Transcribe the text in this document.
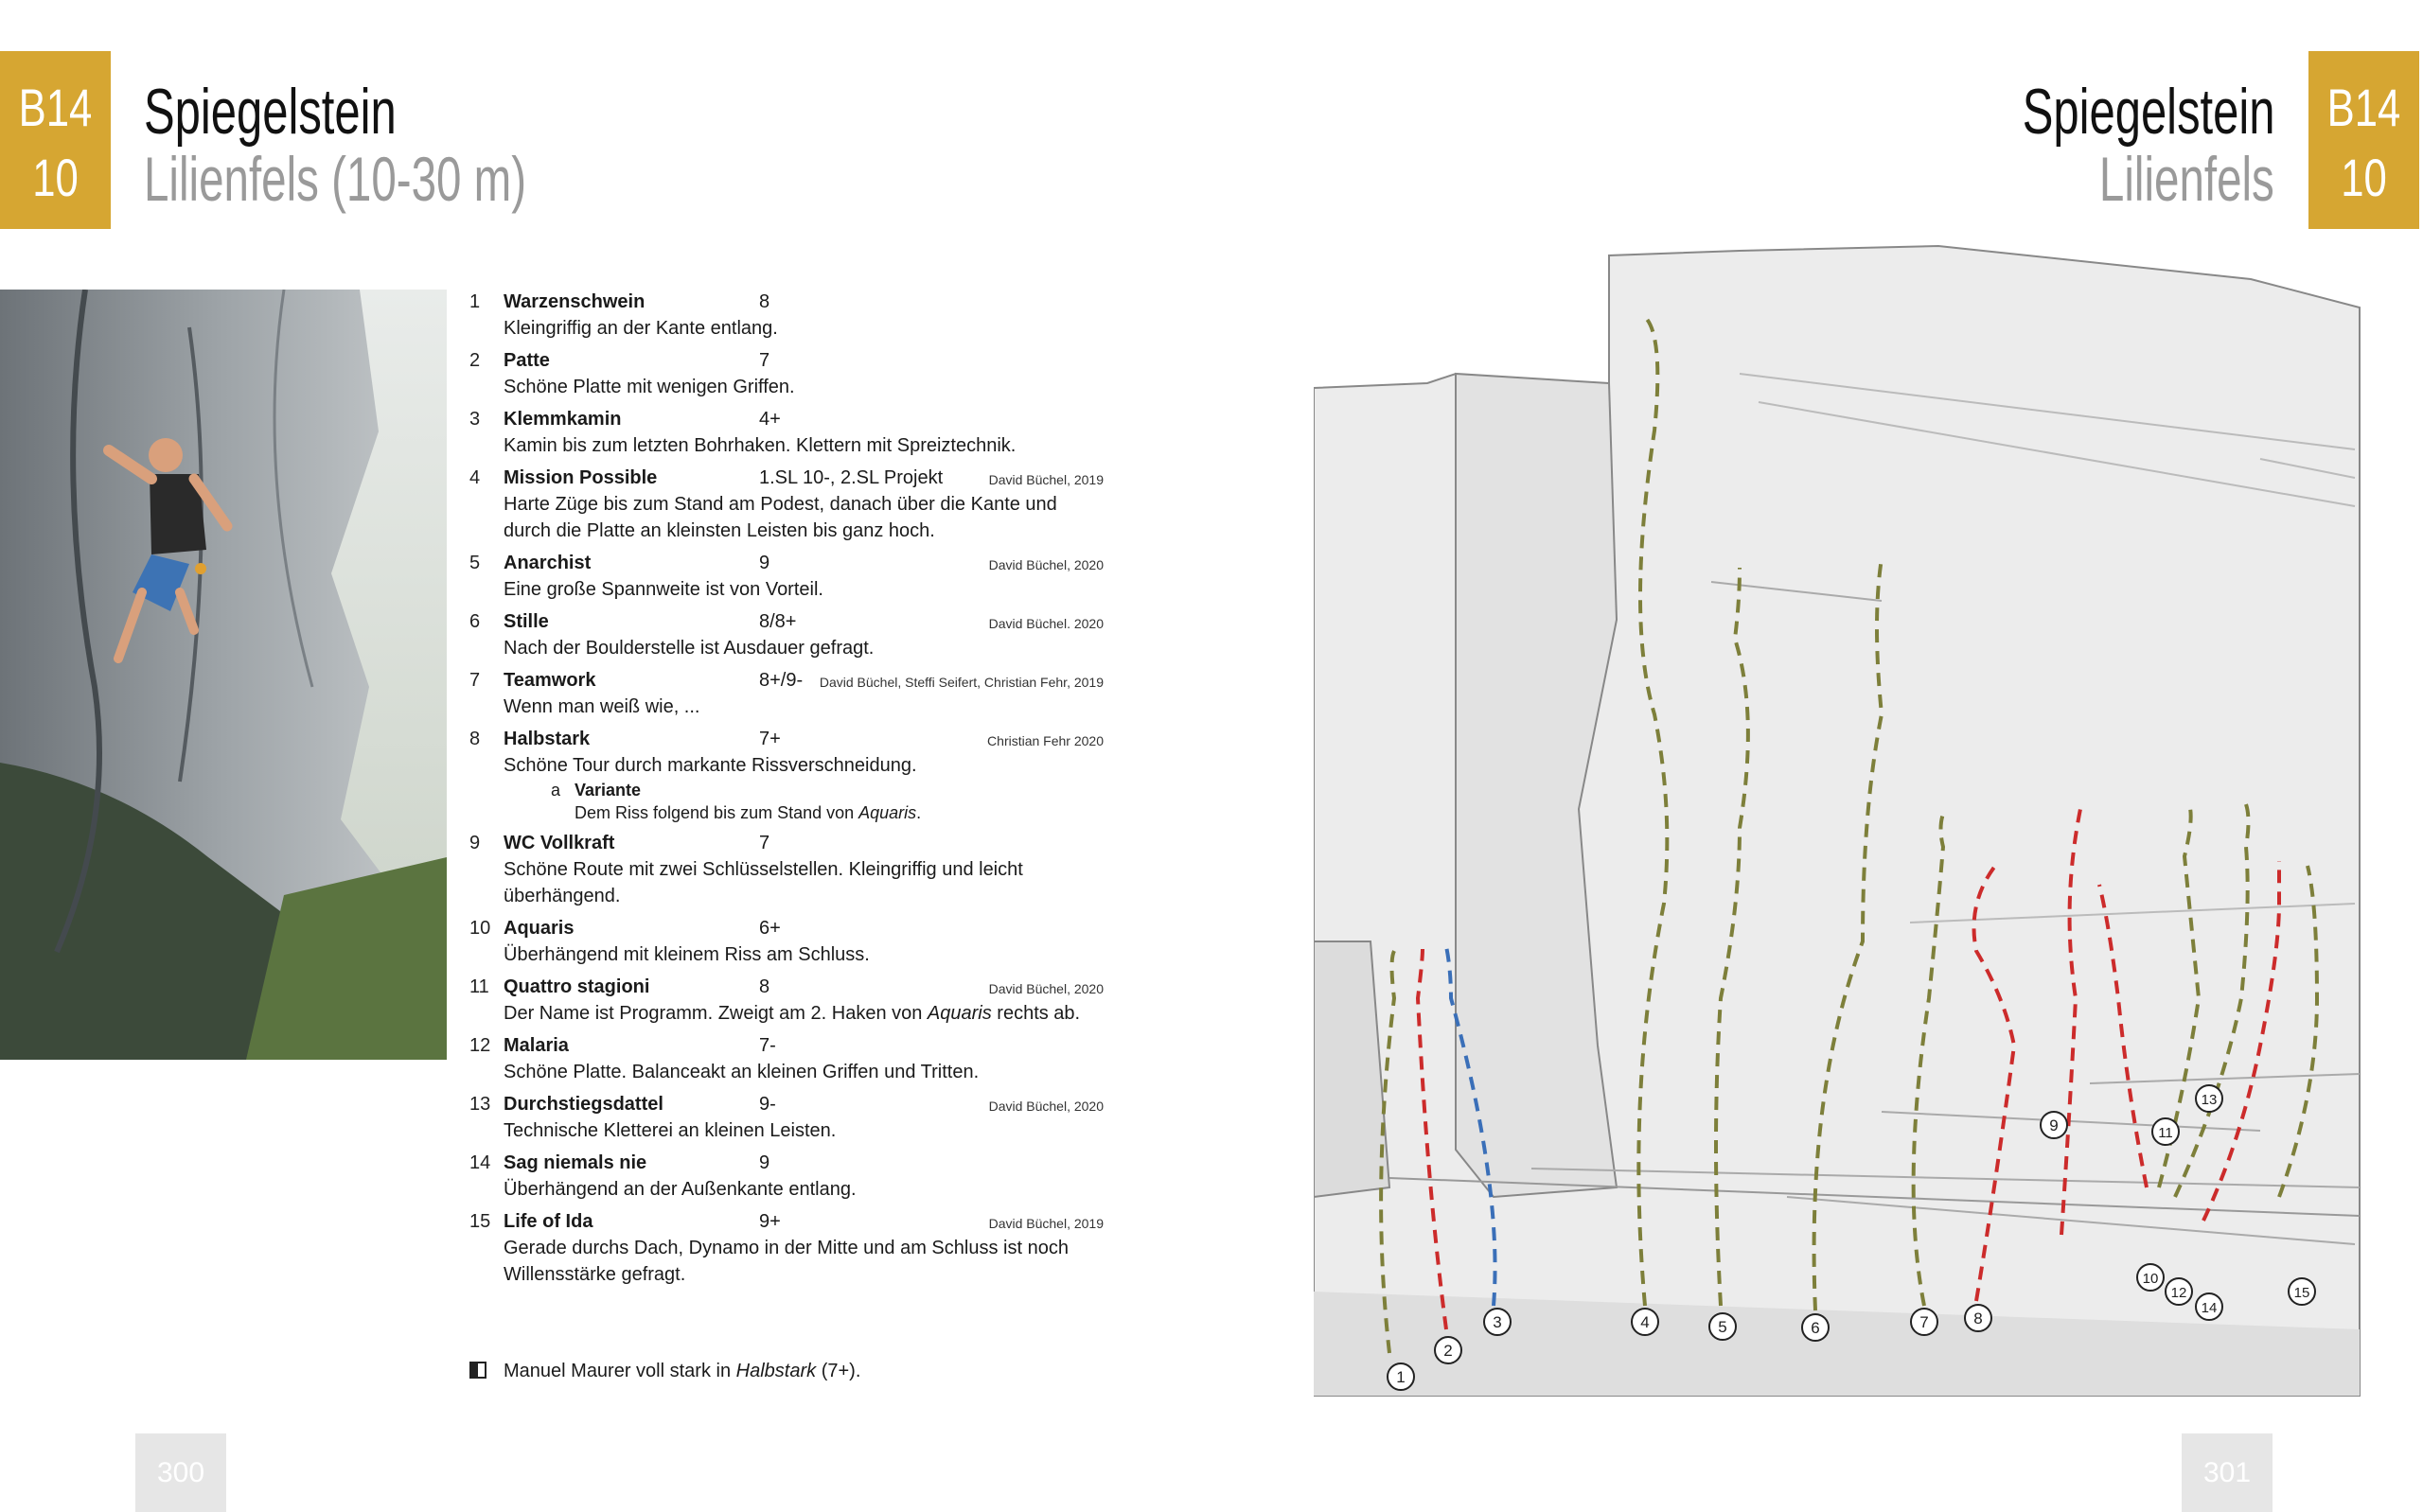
B14
10
Spiegelstein
Lilienfels (10-30 m)
1	Warzenschwein	8
Kleingriffig an der Kante entlang.
2	Patte	7
Schöne Platte mit wenigen Griffen.
3	Klemmkamin	4+
Kamin bis zum letzten Bohrhaken. Klettern mit Spreiztechnik.
4	Mission Possible	1.SL 10-, 2.SL Projekt	David Büchel, 2019
Harte Züge bis zum Stand am Podest, danach über die Kante und durch die Platte an kleinsten Leisten bis ganz hoch.
5	Anarchist	9	David Büchel, 2020
Eine große Spannweite ist von Vorteil.
6	Stille	8/8+	David Büchel. 2020
Nach der Boulderstelle ist Ausdauer gefragt.
7	Teamwork	8+/9- David Büchel, Steffi Seifert, Christian Fehr, 2019
Wenn man weiß wie, ...
8	Halbstark	7+	Christian Fehr 2020
Schöne Tour durch markante Rissverschneidung.
a Variante
Dem Riss folgend bis zum Stand von Aquaris.
9	WC Vollkraft	7
Schöne Route mit zwei Schlüsselstellen. Kleingriffig und leicht überhängend.
10 Aquaris	6+
Überhängend mit kleinem Riss am Schluss.
11 Quattro stagioni	8	David Büchel, 2020
Der Name ist Programm. Zweigt am 2. Haken von Aquaris rechts ab.
12 Malaria	7-
Schöne Platte. Balanceakt an kleinen Griffen und Tritten.
13 Durchstiegsdattel	9-	David Büchel, 2020
Technische Kletterei an kleinen Leisten.
14 Sag niemals nie	9
Überhängend an der Außenkante entlang.
15 Life of Ida	9+	David Büchel, 2019
Gerade durchs Dach, Dynamo in der Mitte und am Schluss ist noch Willensstärke gefragt.
Manuel Maurer voll stark in Halbstark (7+).
300
Spiegelstein
Lilienfels
B14
10
1
2
3	4	5	6	7	8
9
10
11
12
13
14
15
301
